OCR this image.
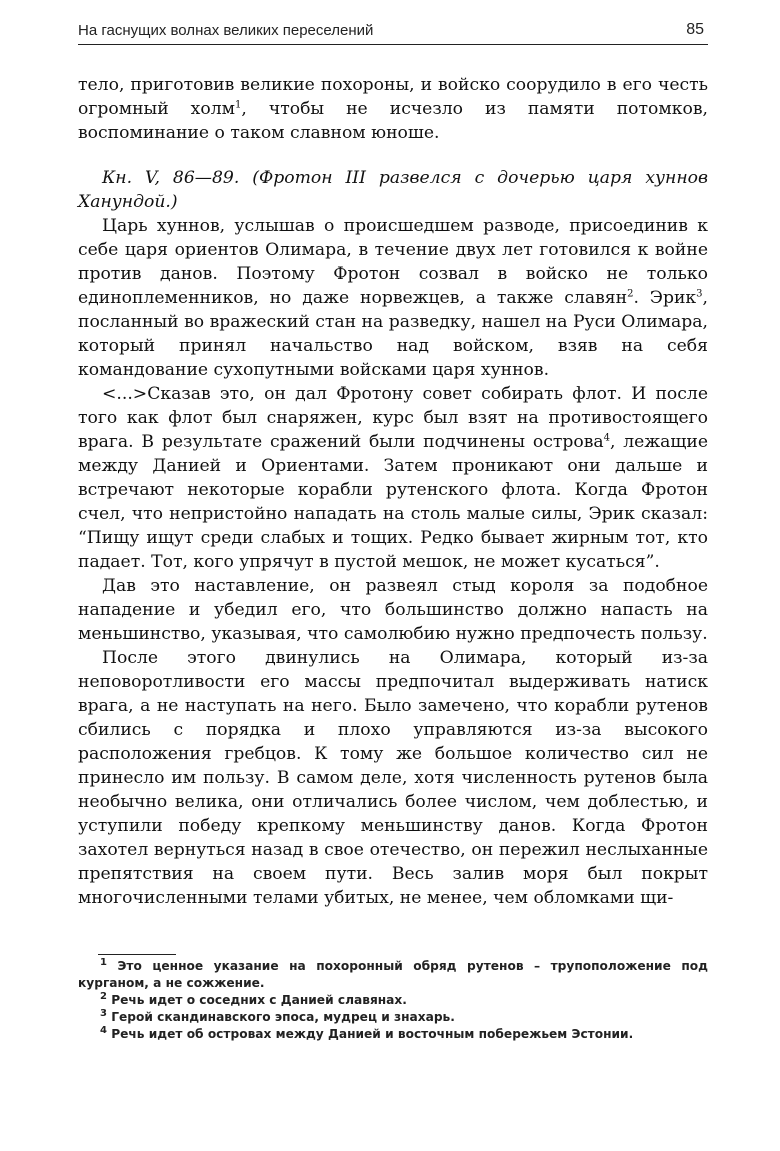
На гаснущих волнах великих переселений	85

тело, приготовив великие похороны, и войско соорудило в его честь огромный холм$^1$, чтобы не исчезло из памяти потомков, воспоминание о таком славном юноше.

Кн. V, 86—89. (Фротон III развелся с дочерью царя хуннов Ханундой.)

Царь хуннов, услышав о происшедшем разводе, присоединив к себе царя ориентов Олимара, в течение двух лет готовился к войне против данов. Поэтому Фротон созвал в войско не только единоплеменников, но даже норвежцев, а также славян$^2$. Эрик$^3$, посланный во вражеский стан на разведку, нашел на Руси Олимара, который принял начальство над войском, взяв на себя командование сухопутными войсками царя хуннов.

<...>Сказав это, он дал Фротону совет собирать флот. И после того как флот был снаряжен, курс был взят на противостоящего врага. В результате сражений были подчинены острова$^4$, лежащие между Данией и Ориентами. Затем проникают они дальше и встречают некоторые корабли рутенского флота. Когда Фротон счел, что непристойно нападать на столь малые силы, Эрик сказал: “Пищу ищут среди слабых и тощих. Редко бывает жирным тот, кто падает. Тот, кого упрячут в пустой мешок, не может кусаться”.

Дав это наставление, он развеял стыд короля за подобное нападение и убедил его, что большинство должно напасть на меньшинство, указывая, что самолюбию нужно предпочесть пользу.

После этого двинулись на Олимара, который из-за неповоротливости его массы предпочитал выдерживать натиск врага, а не наступать на него. Было замечено, что корабли рутенов сбились с порядка и плохо управляются из-за высокого расположения гребцов. К тому же большое количество сил не принесло им пользу. В самом деле, хотя численность рутенов была необычно велика, они отличались более числом, чем доблестью, и уступили победу крепкому меньшинству данов. Когда Фротон захотел вернуться назад в свое отечество, он пережил неслыханные препятствия на своем пути. Весь залив моря был покрыт многочисленными телами убитых, не менее, чем обломками щи-

$^1$ Это ценное указание на похоронный обряд рутенов – трупоположение под курганом, а не сожжение.

$^2$ Речь идет о соседних с Данией славянах.

$^3$ Герой скандинавского эпоса, мудрец и знахарь.

$^4$ Речь идет об островах между Данией и восточным побережьем Эстонии.
